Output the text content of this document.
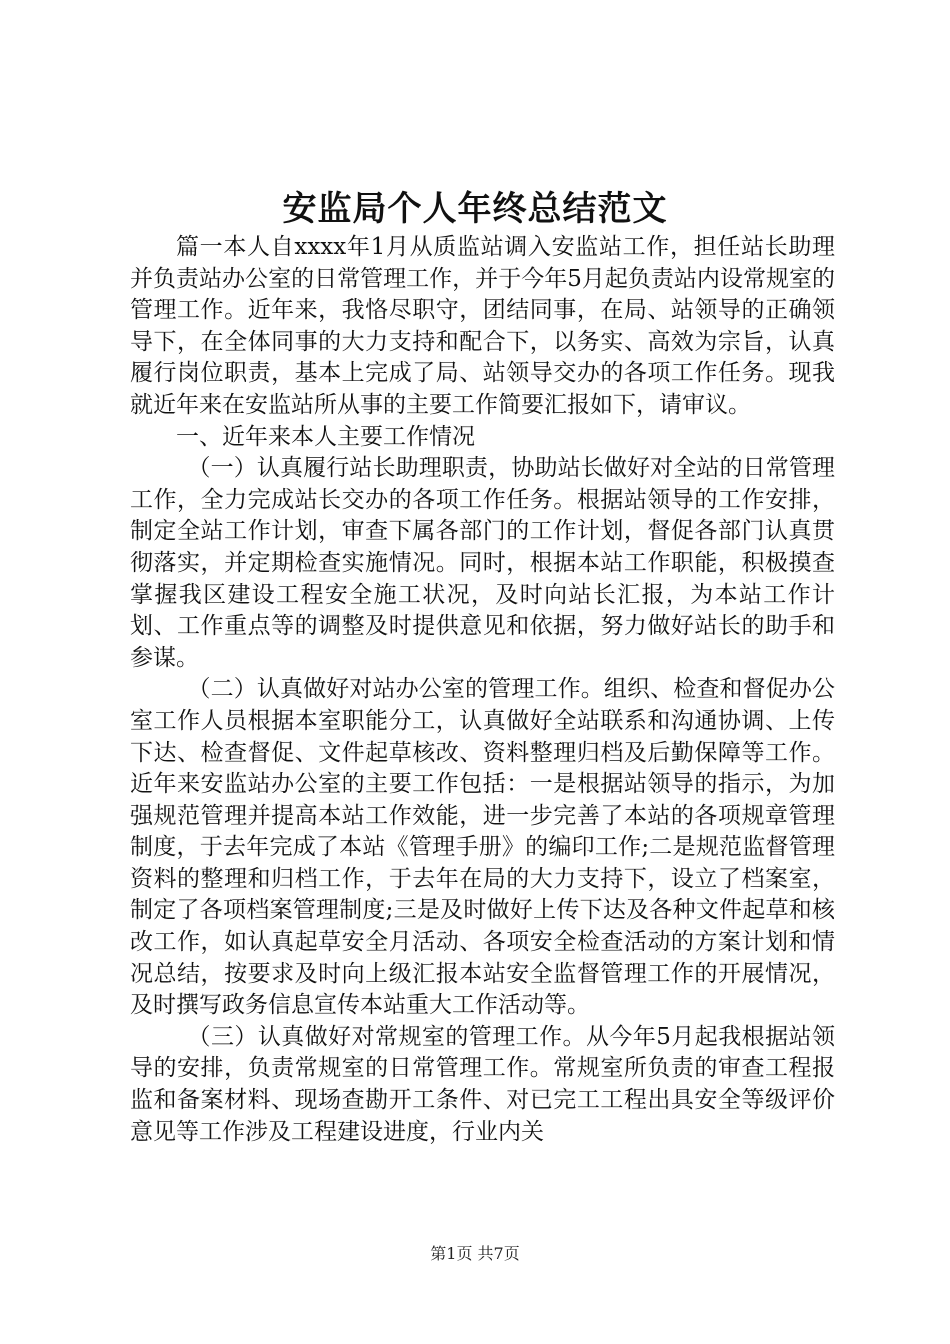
安监局个人年终总结范文

篇一本人自xxxx年1月从质监站调入安监站工作，担任站长助理并负责站办公室的日常管理工作，并于今年5月起负责站内设常规室的管理工作。近年来，我恪尽职守，团结同事，在局、站领导的正确领导下，在全体同事的大力支持和配合下，以务实、高效为宗旨，认真履行岗位职责，基本上完成了局、站领导交办的各项工作任务。现我就近年来在安监站所从事的主要工作简要汇报如下，请审议。

一、近年来本人主要工作情况

（一）认真履行站长助理职责，协助站长做好对全站的日常管理工作，全力完成站长交办的各项工作任务。根据站领导的工作安排，制定全站工作计划，审查下属各部门的工作计划，督促各部门认真贯彻落实，并定期检查实施情况。同时，根据本站工作职能，积极摸查掌握我区建设工程安全施工状况，及时向站长汇报，为本站工作计划、工作重点等的调整及时提供意见和依据，努力做好站长的助手和参谋。

（二）认真做好对站办公室的管理工作。组织、检查和督促办公室工作人员根据本室职能分工，认真做好全站联系和沟通协调、上传下达、检查督促、文件起草核改、资料整理归档及后勤保障等工作。近年来安监站办公室的主要工作包括：一是根据站领导的指示，为加强规范管理并提高本站工作效能，进一步完善了本站的各项规章管理制度，于去年完成了本站《管理手册》的编印工作;二是规范监督管理资料的整理和归档工作，于去年在局的大力支持下，设立了档案室，制定了各项档案管理制度;三是及时做好上传下达及各种文件起草和核改工作，如认真起草安全月活动、各项安全检查活动的方案计划和情况总结，按要求及时向上级汇报本站安全监督管理工作的开展情况，及时撰写政务信息宣传本站重大工作活动等。

（三）认真做好对常规室的管理工作。从今年5月起我根据站领导的安排，负责常规室的日常管理工作。常规室所负责的审查工程报监和备案材料、现场查勘开工条件、对已完工工程出具安全等级评价意见等工作涉及工程建设进度，行业内关

第1页 共7页
